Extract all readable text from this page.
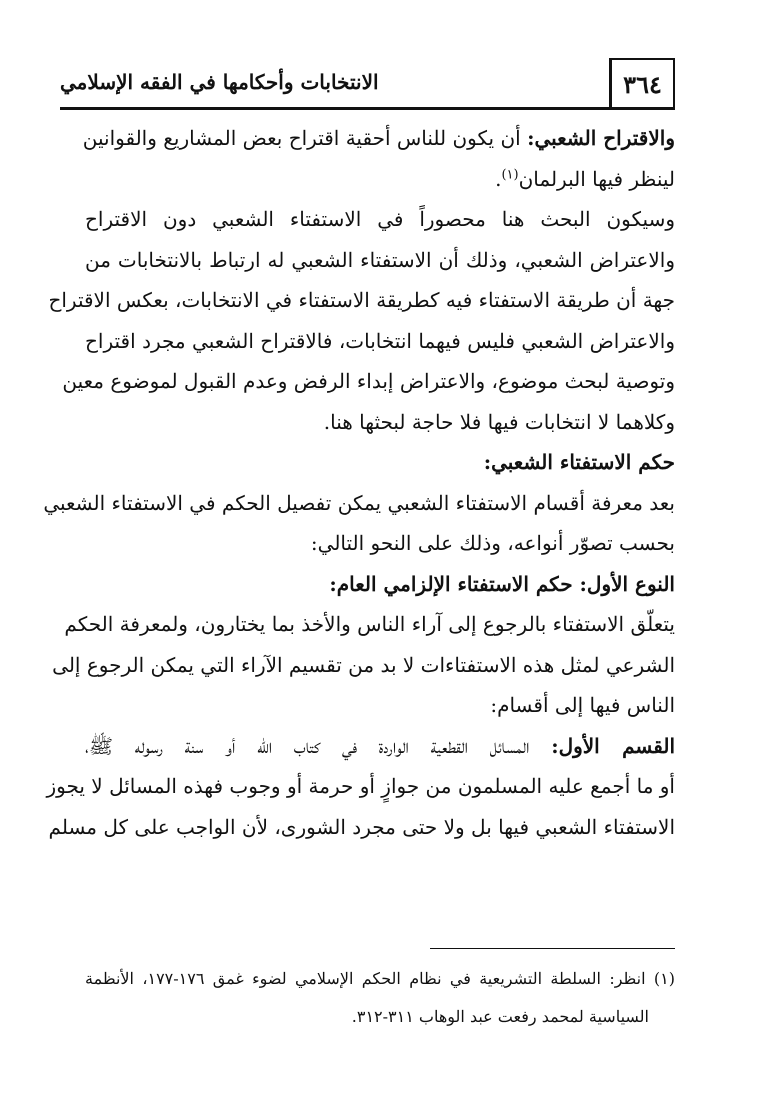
٣٦٤
الانتخابات وأحكامها في الفقه الإسلامي
والاقتراح الشعبي: أن يكون للناس أحقية اقتراح بعض المشاريع والقوانين
لينظر فيها البرلمان$^{(١)}$.
وسيكون البحث هنا محصوراً في الاستفتاء الشعبي دون الاقتراح
والاعتراض الشعبي، وذلك أن الاستفتاء الشعبي له ارتباط بالانتخابات من
جهة أن طريقة الاستفتاء فيه كطريقة الاستفتاء في الانتخابات، بعكس الاقتراح
والاعتراض الشعبي فليس فيهما انتخابات، فالاقتراح الشعبي مجرد اقتراح
وتوصية لبحث موضوع، والاعتراض إبداء الرفض وعدم القبول لموضوع معين
وكلاهما لا انتخابات فيها فلا حاجة لبحثها هنا.
حكم الاستفتاء الشعبي:
بعد معرفة أقسام الاستفتاء الشعبي يمكن تفصيل الحكم في الاستفتاء الشعبي
بحسب تصوّر أنواعه، وذلك على النحو التالي:
النوع الأول: حكم الاستفتاء الإلزامي العام:
يتعلّق الاستفتاء بالرجوع إلى آراء الناس والأخذ بما يختارون، ولمعرفة الحكم
الشرعي لمثل هذه الاستفتاءات لا بد من تقسيم الآراء التي يمكن الرجوع إلى
الناس فيها إلى أقسام:
القسم الأول: المسائل القطعية الواردة في كتاب الله أو سنة رسوله ﷺ،
أو ما أجمع عليه المسلمون من جوازٍ أو حرمة أو وجوب فهذه المسائل لا يجوز
الاستفتاء الشعبي فيها بل ولا حتى مجرد الشورى، لأن الواجب على كل مسلم
(١) انظر: السلطة التشريعية في نظام الحكم الإسلامي لضوء غمق ١٧٦-١٧٧، الأنظمة
السياسية لمحمد رفعت عبد الوهاب ٣١١-٣١٢.
